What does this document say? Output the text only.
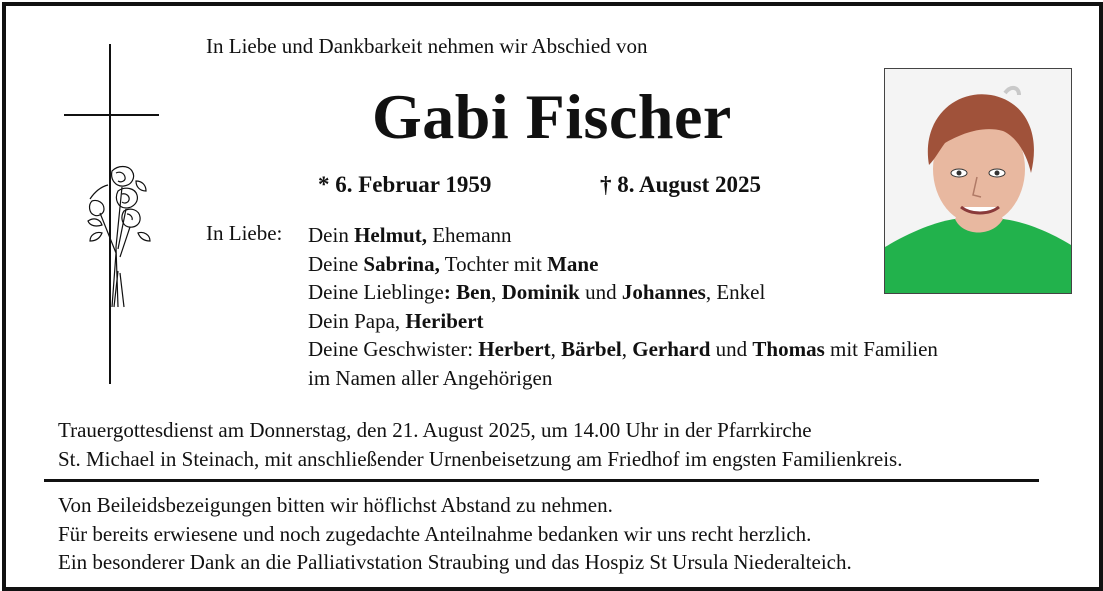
In Liebe und Dankbarkeit nehmen wir Abschied von
Gabi Fischer
* 6. Februar 1959	† 8. August 2025
In Liebe: Dein Helmut, Ehemann
Deine Sabrina, Tochter mit Mane
Deine Lieblinge: Ben, Dominik und Johannes, Enkel
Dein Papa, Heribert
Deine Geschwister: Herbert, Bärbel, Gerhard und Thomas mit Familien
im Namen aller Angehörigen
Trauergottesdienst am Donnerstag, den 21. August 2025, um 14.00 Uhr in der Pfarrkirche
St. Michael in Steinach, mit anschließender Urnenbeisetzung am Friedhof im engsten Familienkreis.
Von Beileidsbezeigungen bitten wir höflichst Abstand zu nehmen.
Für bereits erwiesene und noch zugedachte Anteilnahme bedanken wir uns recht herzlich.
Ein besonderer Dank an die Palliativstation Straubing und das Hospiz St Ursula Niederalteich.
